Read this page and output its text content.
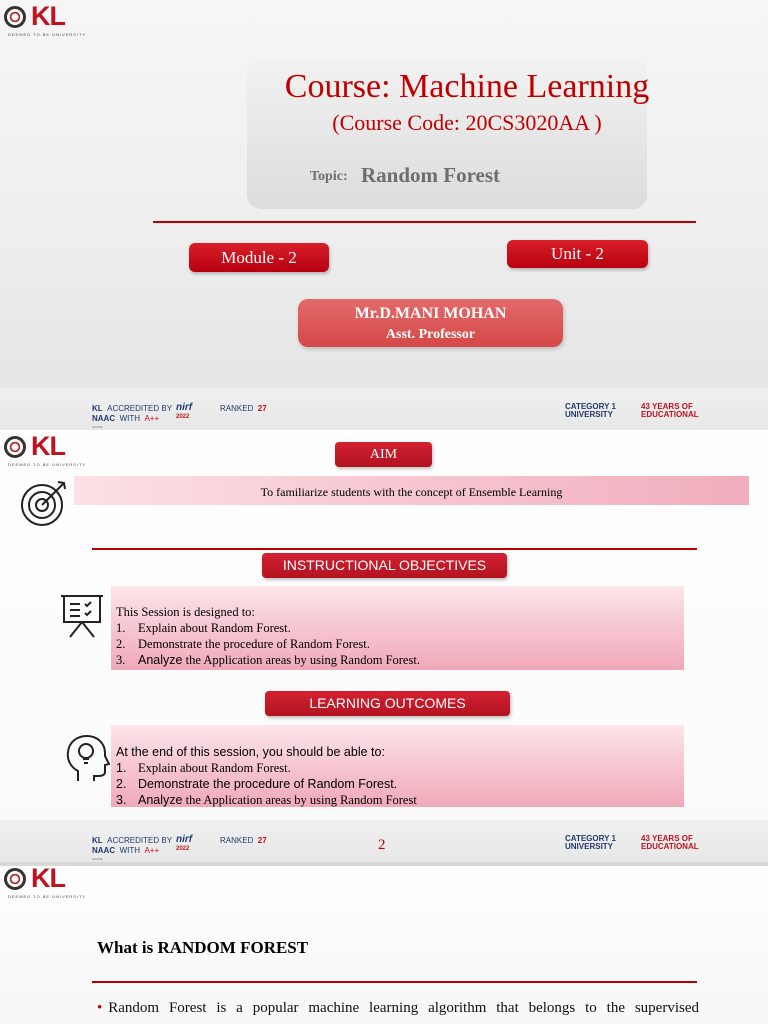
KL
DEEMED TO BE UNIVERSITY
Course: Machine Learning
(Course Code: 20CS3020AA )
Topic: Random Forest
Module - 2	Unit - 2
Mr.D.MANI MOHAN
Asst. Professor
KL ACCREDITED BY
NAAC WITH A++
GRADE
nirf
2022
RANKED 27	CATEGORY 1
UNIVERSITY
43 YEARS OF
EDUCATIONAL
KL
DEEMED TO BE UNIVERSITY
AIM
To familiarize students with the concept of Ensemble Learning
INSTRUCTIONAL OBJECTIVES
This Session is designed to:
1. Explain about Random Forest.
2. Demonstrate the procedure of Random Forest.
3. Analyze the Application areas by using Random Forest.
LEARNING OUTCOMES
At the end of this session, you should be able to:
1. Explain about Random Forest.
2. Demonstrate the procedure of Random Forest.
3. Analyze the Application areas by using Random Forest
KL ACCREDITED BY
NAAC WITH A++
GRADE
nirf
2022
RANKED 27	2	CATEGORY 1
UNIVERSITY
43 YEARS OF
EDUCATIONAL
KL
DEEMED TO BE UNIVERSITY
What is RANDOM FOREST
• Random Forest is a popular machine learning algorithm that belongs to the supervised
